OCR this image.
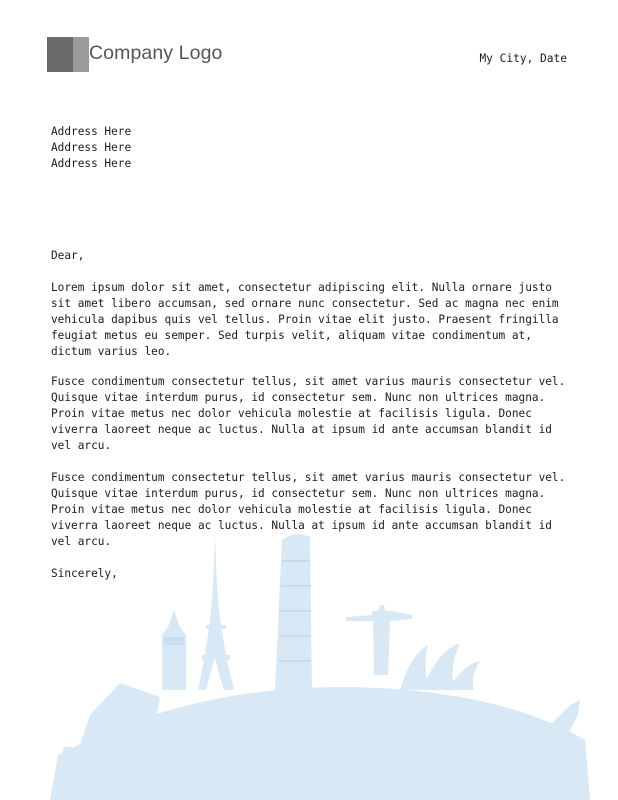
Company Logo	My City, Date
Address Here
Address Here
Address Here
Dear,
Lorem ipsum dolor sit amet, consectetur adipiscing elit. Nulla ornare justo
sit amet libero accumsan, sed ornare nunc consectetur. Sed ac magna nec enim
vehicula dapibus quis vel tellus. Proin vitae elit justo. Praesent fringilla
feugiat metus eu semper. Sed turpis velit, aliquam vitae condimentum at,
dictum varius leo.
Fusce condimentum consectetur tellus, sit amet varius mauris consectetur vel.
Quisque vitae interdum purus, id consectetur sem. Nunc non ultrices magna.
Proin vitae metus nec dolor vehicula molestie at facilisis ligula. Donec
viverra laoreet neque ac luctus. Nulla at ipsum id ante accumsan blandit id
vel arcu.
Fusce condimentum consectetur tellus, sit amet varius mauris consectetur vel.
Quisque vitae interdum purus, id consectetur sem. Nunc non ultrices magna.
Proin vitae metus nec dolor vehicula molestie at facilisis ligula. Donec
viverra laoreet neque ac luctus. Nulla at ipsum id ante accumsan blandit id
vel arcu.
Sincerely,
